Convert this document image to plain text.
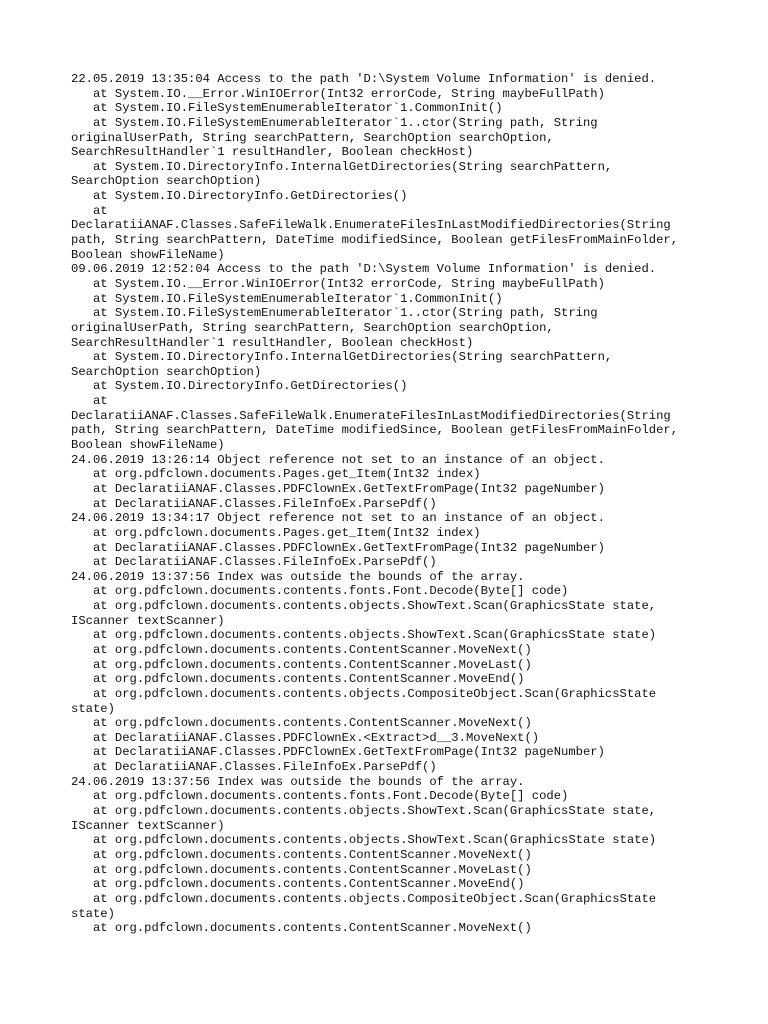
22.05.2019 13:35:04 Access to the path 'D:\System Volume Information' is denied.
at System.IO.__Error.WinIOError(Int32 errorCode, String maybeFullPath)
at System.IO.FileSystemEnumerableIterator`1.CommonInit()
at System.IO.FileSystemEnumerableIterator`1..ctor(String path, String
originalUserPath, String searchPattern, SearchOption searchOption,
SearchResultHandler`1 resultHandler, Boolean checkHost)
at System.IO.DirectoryInfo.InternalGetDirectories(String searchPattern,
SearchOption searchOption)
at System.IO.DirectoryInfo.GetDirectories()
at
DeclaratiiANAF.Classes.SafeFileWalk.EnumerateFilesInLastModifiedDirectories(String
path, String searchPattern, DateTime modifiedSince, Boolean getFilesFromMainFolder,
Boolean showFileName)
09.06.2019 12:52:04 Access to the path 'D:\System Volume Information' is denied.
at System.IO.__Error.WinIOError(Int32 errorCode, String maybeFullPath)
at System.IO.FileSystemEnumerableIterator`1.CommonInit()
at System.IO.FileSystemEnumerableIterator`1..ctor(String path, String
originalUserPath, String searchPattern, SearchOption searchOption,
SearchResultHandler`1 resultHandler, Boolean checkHost)
at System.IO.DirectoryInfo.InternalGetDirectories(String searchPattern,
SearchOption searchOption)
at System.IO.DirectoryInfo.GetDirectories()
at
DeclaratiiANAF.Classes.SafeFileWalk.EnumerateFilesInLastModifiedDirectories(String
path, String searchPattern, DateTime modifiedSince, Boolean getFilesFromMainFolder,
Boolean showFileName)
24.06.2019 13:26:14 Object reference not set to an instance of an object.
at org.pdfclown.documents.Pages.get_Item(Int32 index)
at DeclaratiiANAF.Classes.PDFClownEx.GetTextFromPage(Int32 pageNumber)
at DeclaratiiANAF.Classes.FileInfoEx.ParsePdf()
24.06.2019 13:34:17 Object reference not set to an instance of an object.
at org.pdfclown.documents.Pages.get_Item(Int32 index)
at DeclaratiiANAF.Classes.PDFClownEx.GetTextFromPage(Int32 pageNumber)
at DeclaratiiANAF.Classes.FileInfoEx.ParsePdf()
24.06.2019 13:37:56 Index was outside the bounds of the array.
at org.pdfclown.documents.contents.fonts.Font.Decode(Byte[] code)
at org.pdfclown.documents.contents.objects.ShowText.Scan(GraphicsState state,
IScanner textScanner)
at org.pdfclown.documents.contents.objects.ShowText.Scan(GraphicsState state)
at org.pdfclown.documents.contents.ContentScanner.MoveNext()
at org.pdfclown.documents.contents.ContentScanner.MoveLast()
at org.pdfclown.documents.contents.ContentScanner.MoveEnd()
at org.pdfclown.documents.contents.objects.CompositeObject.Scan(GraphicsState
state)
at org.pdfclown.documents.contents.ContentScanner.MoveNext()
at DeclaratiiANAF.Classes.PDFClownEx.<Extract>d__3.MoveNext()
at DeclaratiiANAF.Classes.PDFClownEx.GetTextFromPage(Int32 pageNumber)
at DeclaratiiANAF.Classes.FileInfoEx.ParsePdf()
24.06.2019 13:37:56 Index was outside the bounds of the array.
at org.pdfclown.documents.contents.fonts.Font.Decode(Byte[] code)
at org.pdfclown.documents.contents.objects.ShowText.Scan(GraphicsState state,
IScanner textScanner)
at org.pdfclown.documents.contents.objects.ShowText.Scan(GraphicsState state)
at org.pdfclown.documents.contents.ContentScanner.MoveNext()
at org.pdfclown.documents.contents.ContentScanner.MoveLast()
at org.pdfclown.documents.contents.ContentScanner.MoveEnd()
at org.pdfclown.documents.contents.objects.CompositeObject.Scan(GraphicsState
state)
at org.pdfclown.documents.contents.ContentScanner.MoveNext()
